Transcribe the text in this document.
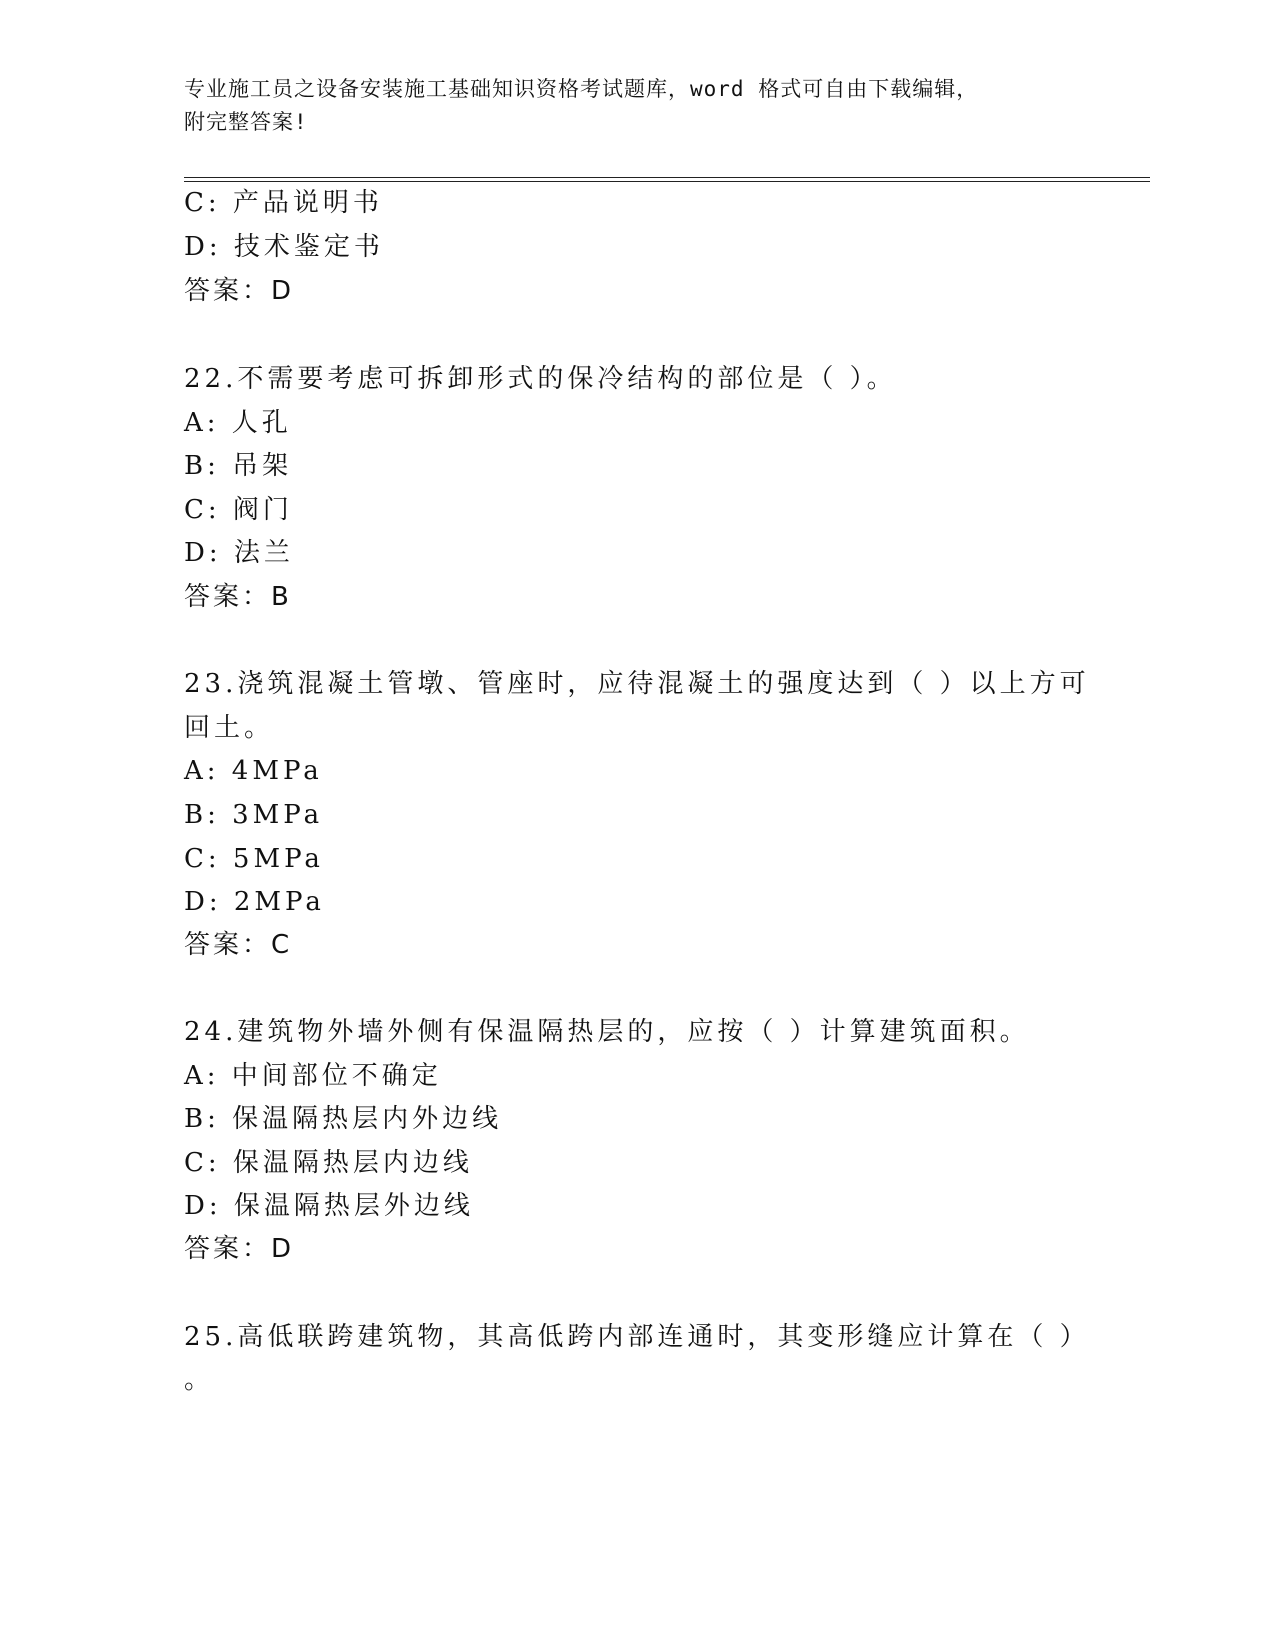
专业施工员之设备安装施工基础知识资格考试题库，word 格式可自由下载编辑，
附完整答案!
C: 产品说明书
D: 技术鉴定书
答案：D
22.不需要考虑可拆卸形式的保冷结构的部位是（ ）。
A: 人孔
B: 吊架
C: 阀门
D: 法兰
答案：B
23.浇筑混凝土管墩、管座时，应待混凝土的强度达到（ ）以上方可
回土。
A: 4MPa
B: 3MPa
C: 5MPa
D: 2MPa
答案：C
24.建筑物外墙外侧有保温隔热层的，应按（ ）计算建筑面积。
A: 中间部位不确定
B: 保温隔热层内外边线
C: 保温隔热层内边线
D: 保温隔热层外边线
答案：D
25.高低联跨建筑物，其高低跨内部连通时，其变形缝应计算在（ ）
。
